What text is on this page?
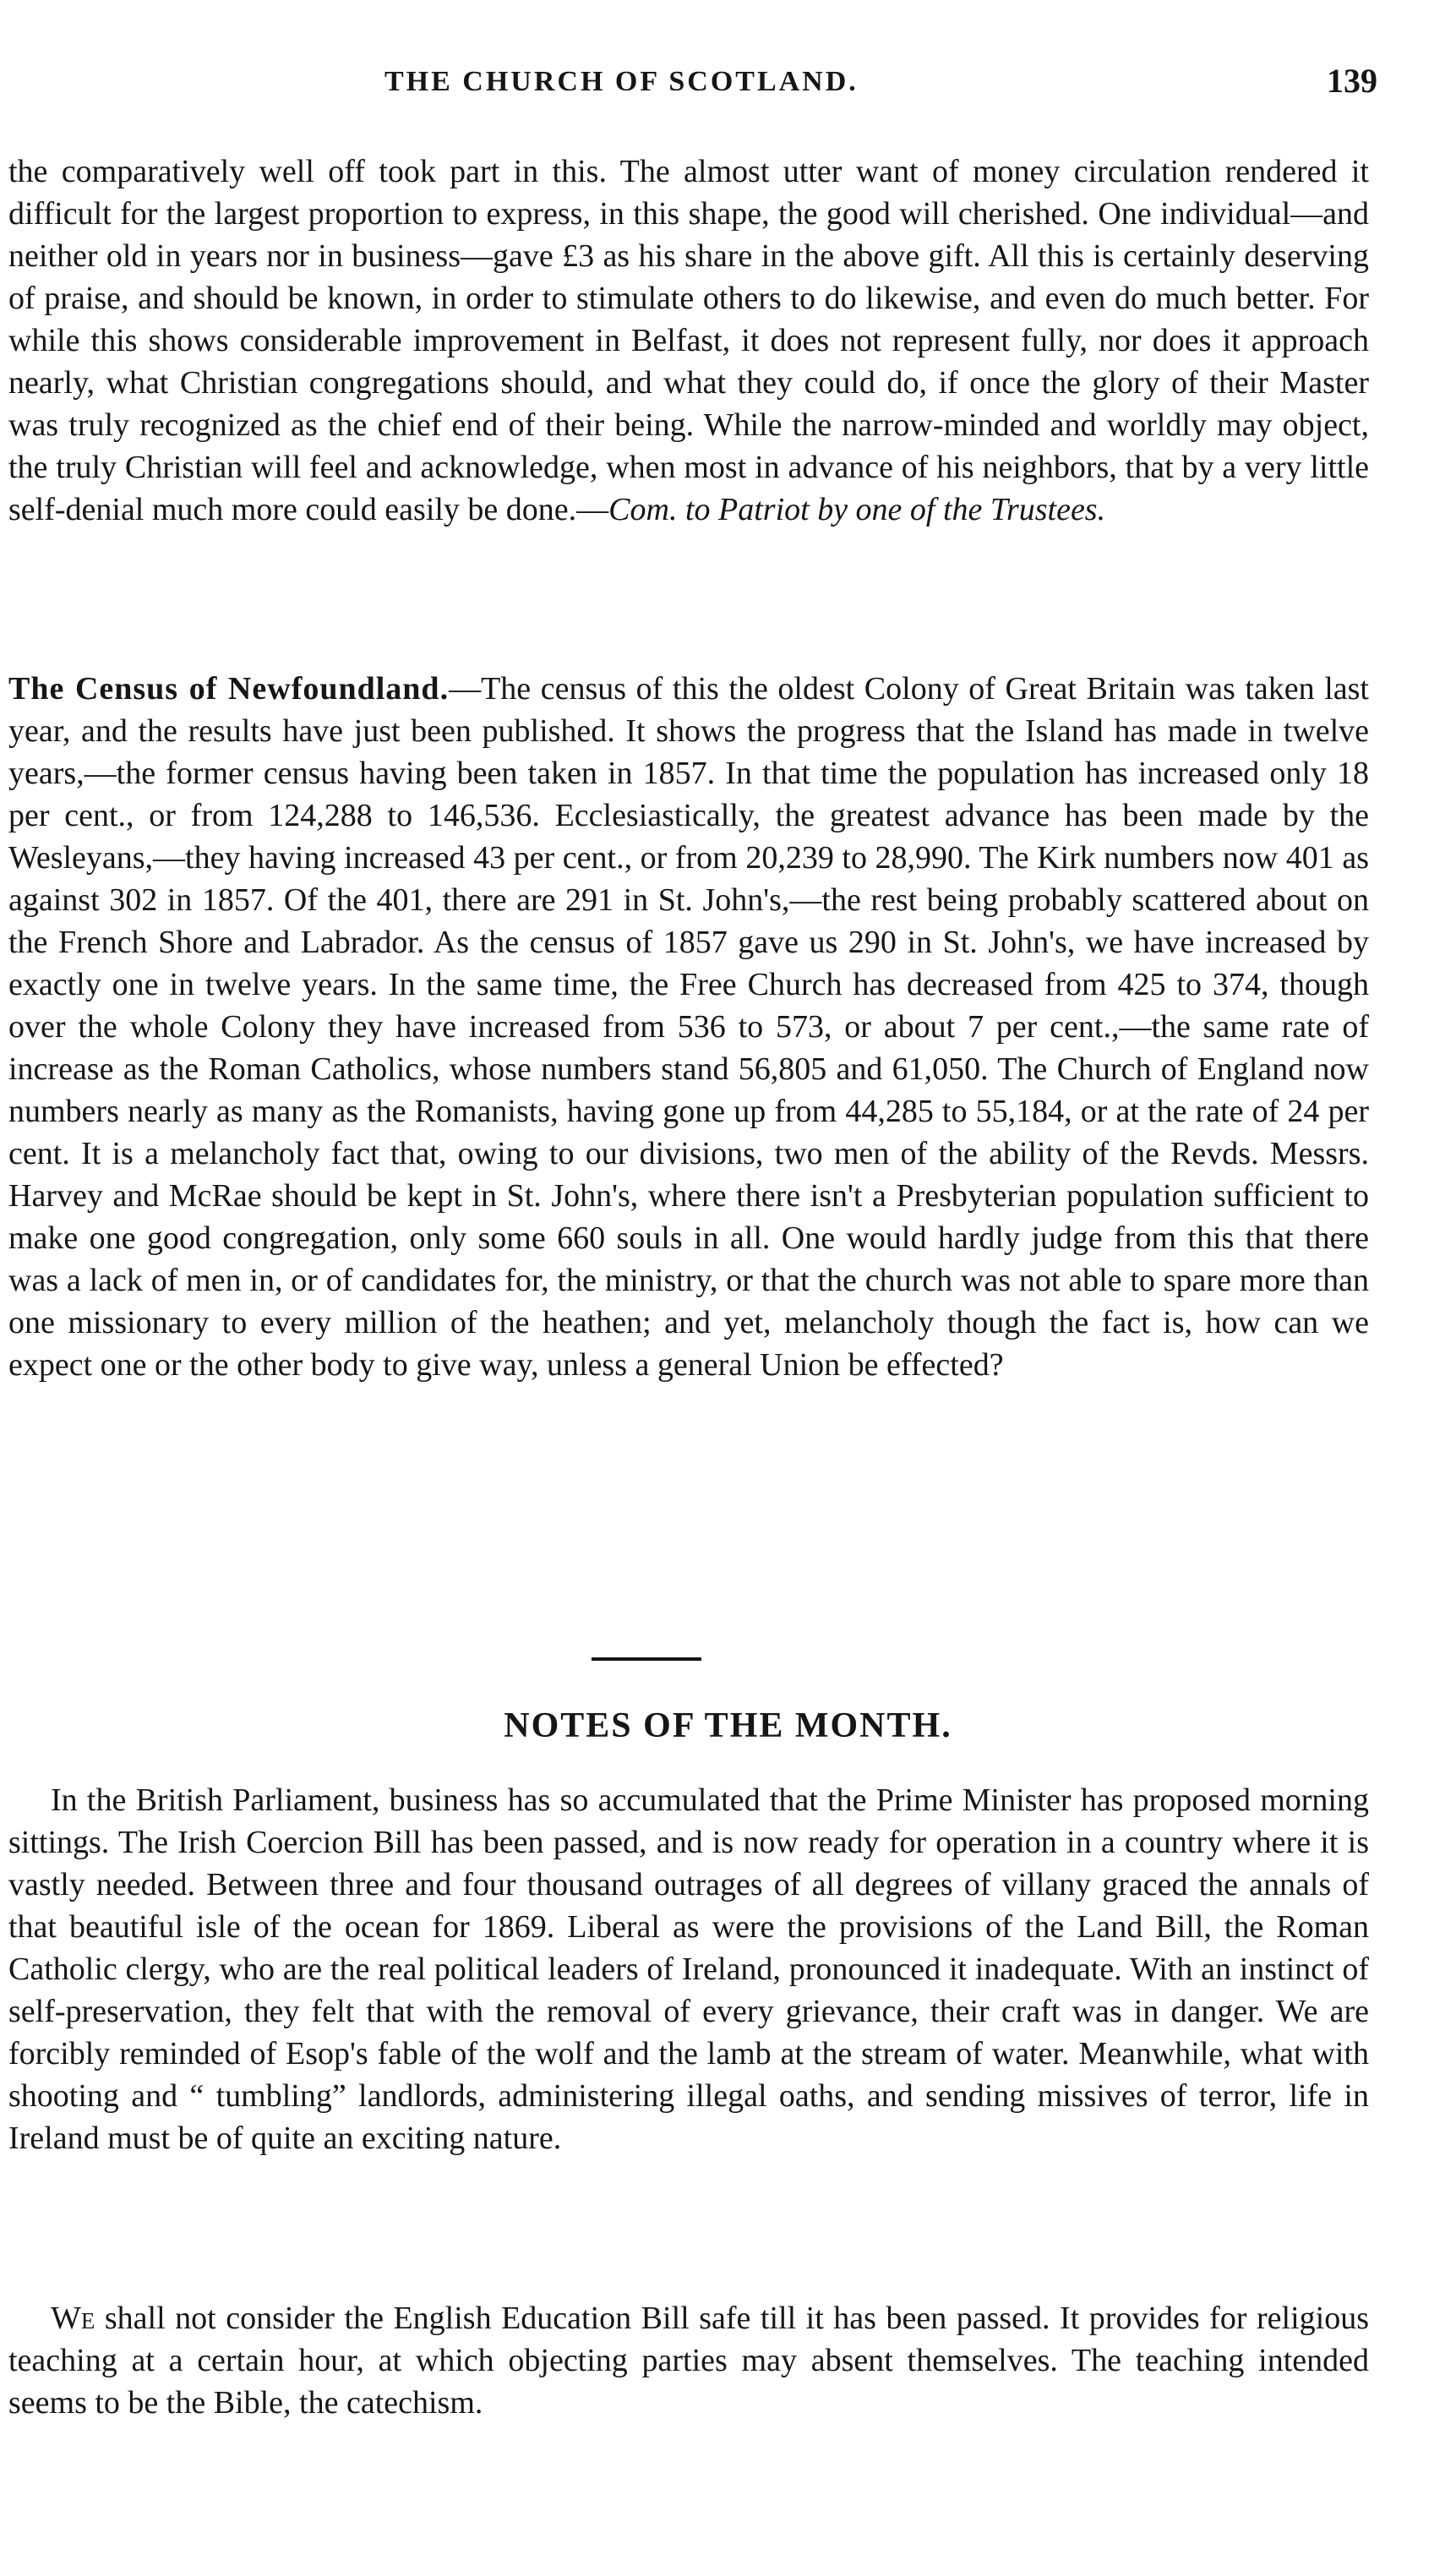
THE CHURCH OF SCOTLAND.	139

the comparatively well off took part in this. The almost utter want of money circulation rendered it difficult for the largest proportion to express, in this shape, the good will cherished. One individual—and neither old in years nor in business—gave £3 as his share in the above gift. All this is certainly deserving of praise, and should be known, in order to stimulate others to do likewise, and even do much better. For while this shows considerable improvement in Belfast, it does not represent fully, nor does it approach nearly, what Christian congregations should, and what they could do, if once the glory of their Master was truly recognized as the chief end of their being. While the narrow-minded and worldly may object, the truly Christian will feel and acknowledge, when most in advance of his neighbors, that by a very little self-denial much more could easily be done.—Com. to Patriot by one of the Trustees.

The Census of Newfoundland.—The census of this the oldest Colony of Great Britain was taken last year, and the results have just been published. It shows the progress that the Island has made in twelve years,—the former census having been taken in 1857. In that time the population has increased only 18 per cent., or from 124,288 to 146,536. Ecclesiastically, the greatest advance has been made by the Wesleyans,—they having increased 43 per cent., or from 20,239 to 28,990. The Kirk numbers now 401 as against 302 in 1857. Of the 401, there are 291 in St. John's,—the rest being probably scattered about on the French Shore and Labrador. As the census of 1857 gave us 290 in St. John's, we have increased by exactly one in twelve years. In the same time, the Free Church has decreased from 425 to 374, though over the whole Colony they have increased from 536 to 573, or about 7 per cent.,—the same rate of increase as the Roman Catholics, whose numbers stand 56,805 and 61,050. The Church of England now numbers nearly as many as the Romanists, having gone up from 44,285 to 55,184, or at the rate of 24 per cent. It is a melancholy fact that, owing to our divisions, two men of the ability of the Revds. Messrs. Harvey and McRae should be kept in St. John's, where there isn't a Presbyterian population sufficient to make one good congregation, only some 660 souls in all. One would hardly judge from this that there was a lack of men in, or of candidates for, the ministry, or that the church was not able to spare more than one missionary to every million of the heathen; and yet, melancholy though the fact is, how can we expect one or the other body to give way, unless a general Union be effected?

NOTES OF THE MONTH.

In the British Parliament, business has so accumulated that the Prime Minister has proposed morning sittings. The Irish Coercion Bill has been passed, and is now ready for operation in a country where it is vastly needed. Between three and four thousand outrages of all degrees of villany graced the annals of that beautiful isle of the ocean for 1869. Liberal as were the provisions of the Land Bill, the Roman Catholic clergy, who are the real political leaders of Ireland, pronounced it inadequate. With an instinct of self-preservation, they felt that with the removal of every grievance, their craft was in danger. We are forcibly reminded of Esop's fable of the wolf and the lamb at the stream of water. Meanwhile, what with shooting and “ tumbling” landlords, administering illegal oaths, and sending missives of terror, life in Ireland must be of quite an exciting nature.

We shall not consider the English Education Bill safe till it has been passed. It provides for religious teaching at a certain hour, at which objecting parties may absent themselves. The teaching intended seems to be the Bible, the catechism.
